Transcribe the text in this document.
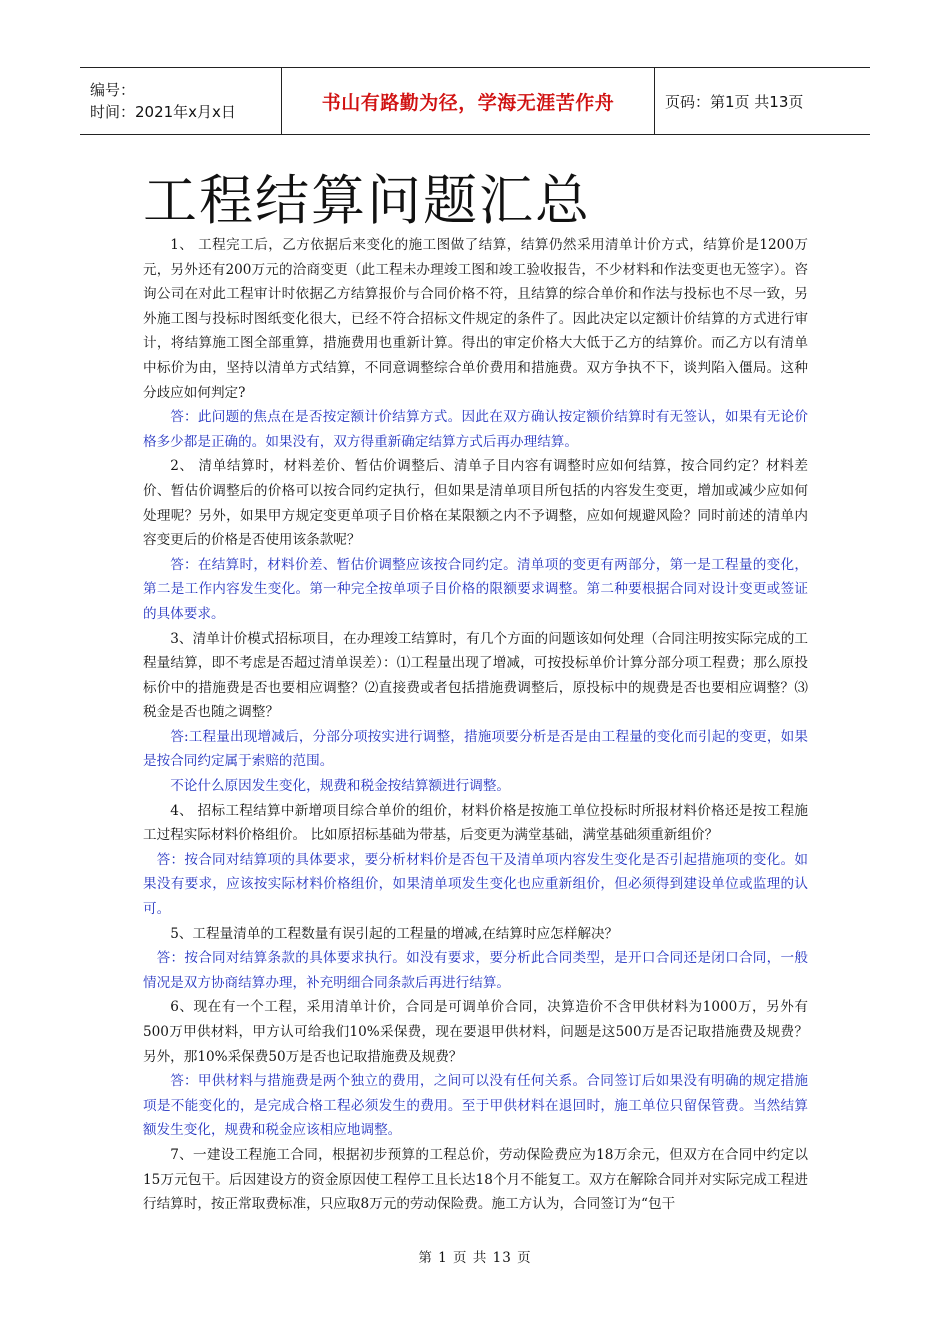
编号：
时间：2021年x月x日	书山有路勤为径，学海无涯苦作舟	页码：第1页 共13页
工程结算问题汇总

1、 工程完工后，乙方依据后来变化的施工图做了结算，结算仍然采用清单计价方式，结算价是1200万元，另外还有200万元的洽商变更（此工程未办理竣工图和竣工验收报告，不少材料和作法变更也无签字）。咨询公司在对此工程审计时依据乙方结算报价与合同价格不符，且结算的综合单价和作法与投标也不尽一致，另外施工图与投标时图纸变化很大，已经不符合招标文件规定的条件了。因此决定以定额计价结算的方式进行审计，将结算施工图全部重算，措施费用也重新计算。得出的审定价格大大低于乙方的结算价。而乙方以有清单中标价为由，坚持以清单方式结算，不同意调整综合单价费用和措施费。双方争执不下，谈判陷入僵局。这种分歧应如何判定?

答：此问题的焦点在是否按定额计价结算方式。因此在双方确认按定额价结算时有无签认，如果有无论价格多少都是正确的。如果没有，双方得重新确定结算方式后再办理结算。

2、 清单结算时，材料差价、暂估价调整后、清单子目内容有调整时应如何结算，按合同约定？材料差价、暂估价调整后的价格可以按合同约定执行，但如果是清单项目所包括的内容发生变更，增加或减少应如何处理呢？另外，如果甲方规定变更单项子目价格在某限额之内不予调整，应如何规避风险？同时前述的清单内容变更后的价格是否使用该条款呢？

答：在结算时，材料价差、暂估价调整应该按合同约定。清单项的变更有两部分，第一是工程量的变化，第二是工作内容发生变化。第一种完全按单项子目价格的限额要求调整。第二种要根据合同对设计变更或签证的具体要求。

3、清单计价模式招标项目，在办理竣工结算时，有几个方面的问题该如何处理（合同注明按实际完成的工程量结算，即不考虑是否超过清单误差）：⑴工程量出现了增减，可按投标单价计算分部分项工程费；那么原投标价中的措施费是否也要相应调整？⑵直接费或者包括措施费调整后，原投标中的规费是否也要相应调整？⑶税金是否也随之调整？

答:工程量出现增减后，分部分项按实进行调整，措施项要分析是否是由工程量的变化而引起的变更，如果是按合同约定属于索赔的范围。

不论什么原因发生变化，规费和税金按结算额进行调整。

4、 招标工程结算中新增项目综合单价的组价，材料价格是按施工单位投标时所报材料价格还是按工程施工过程实际材料价格组价。 比如原招标基础为带基，后变更为满堂基础，满堂基础须重新组价？

答：按合同对结算项的具体要求，要分析材料价是否包干及清单项内容发生变化是否引起措施项的变化。如果没有要求，应该按实际材料价格组价，如果清单项发生变化也应重新组价，但必须得到建设单位或监理的认可。

5、工程量清单的工程数量有误引起的工程量的增减,在结算时应怎样解决？

答：按合同对结算条款的具体要求执行。如没有要求，要分析此合同类型，是开口合同还是闭口合同，一般情况是双方协商结算办理，补充明细合同条款后再进行结算。

6、现在有一个工程，采用清单计价，合同是可调单价合同，决算造价不含甲供材料为1000万，另外有500万甲供材料，甲方认可给我们10%采保费，现在要退甲供材料，问题是这500万是否记取措施费及规费？另外，那10%采保费50万是否也记取措施费及规费？

答：甲供材料与措施费是两个独立的费用，之间可以没有任何关系。合同签订后如果没有明确的规定措施项是不能变化的，是完成合格工程必须发生的费用。至于甲供材料在退回时，施工单位只留保管费。当然结算额发生变化，规费和税金应该相应地调整。

7、一建设工程施工合同，根据初步预算的工程总价，劳动保险费应为18万余元，但双方在合同中约定以15万元包干。后因建设方的资金原因使工程停工且长达18个月不能复工。双方在解除合同并对实际完成工程进行结算时，按正常取费标准，只应取8万元的劳动保险费。施工方认为，合同签订为“包干

第 1 页 共 13 页
